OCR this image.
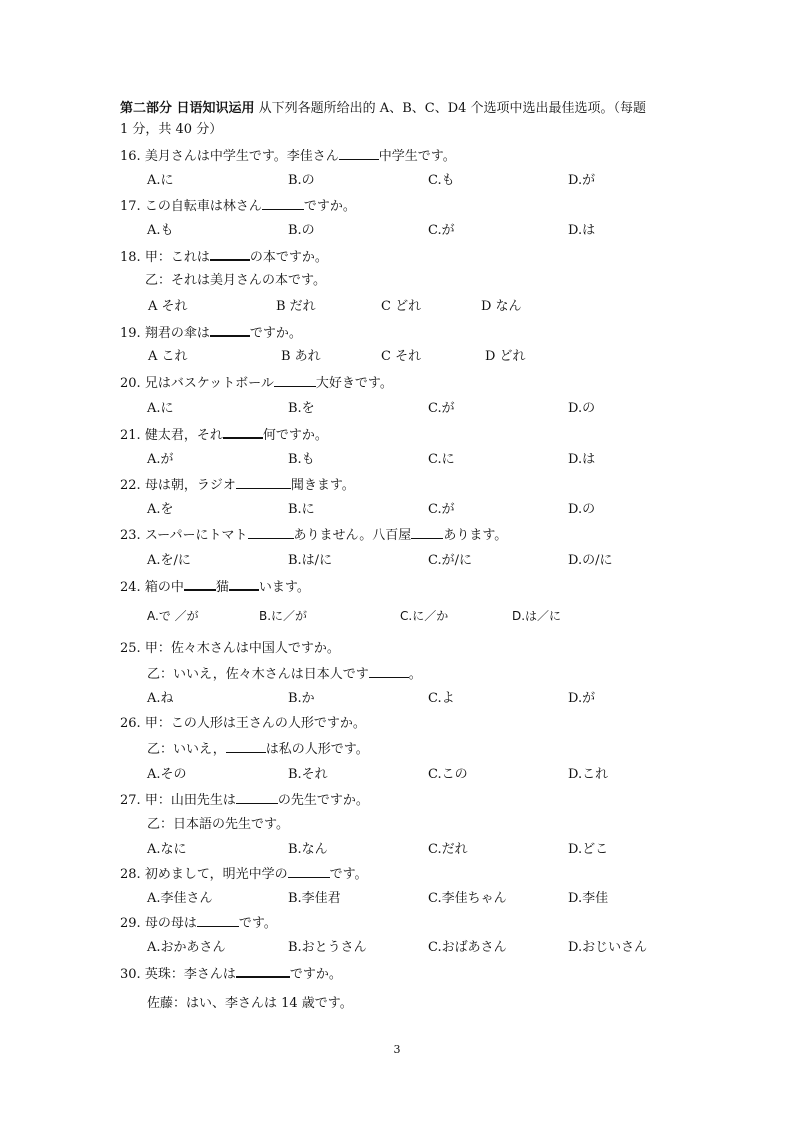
第二部分 日语知识运用 从下列各题所给出的 A、B、C、D4 个选项中选出最佳选项。（每题
1 分，共 40 分）
16. 美月さんは中学生です。李佳さん	中学生です。
A.に	B.の	C.も	D.が
17. この自転車は林さん	ですか。
A.も	B.の	C.が	D.は
18. 甲：これは	の本ですか。
乙：それは美月さんの本です。
A それ	B だれ	C どれ	D なん
19. 翔君の傘は	ですか。
A これ	B あれ	C それ	D どれ
20. 兄はバスケットボール	大好きです。
A.に	B.を	C.が	D.の
21. 健太君，それ	何ですか。
A.が	B.も	C.に	D.は
22. 母は朝，ラジオ	聞きます。
A.を	B.に	C.が	D.の
23. スーパーにトマト	ありません。八百屋 あります。
A.を/に	B.は/に	C.が/に	D.の/に
24. 箱の中 猫 います。
A.で ／が	B.に／が	C.に／か	D.は／に
25. 甲：佐々木さんは中国人ですか。
乙：いいえ，佐々木さんは日本人です	。
A.ね	B.か	C.よ	D.が
26. 甲：この人形は王さんの人形ですか。
乙：いいえ，	は私の人形です。
A.その	B.それ	C.この	D.これ
27. 甲：山田先生は	の先生ですか。
乙：日本語の先生です。
A.なに	B.なん	C.だれ	D.どこ
28. 初めまして，明光中学の	です。
A.李佳さん	B.李佳君	C.李佳ちゃん	D.李佳
29. 母の母は	です。
A.おかあさん	B.おとうさん	C.おばあさん	D.おじいさん
30. 英珠：李さんは	ですか。
佐藤：はい、李さんは 14 歳です。
3
